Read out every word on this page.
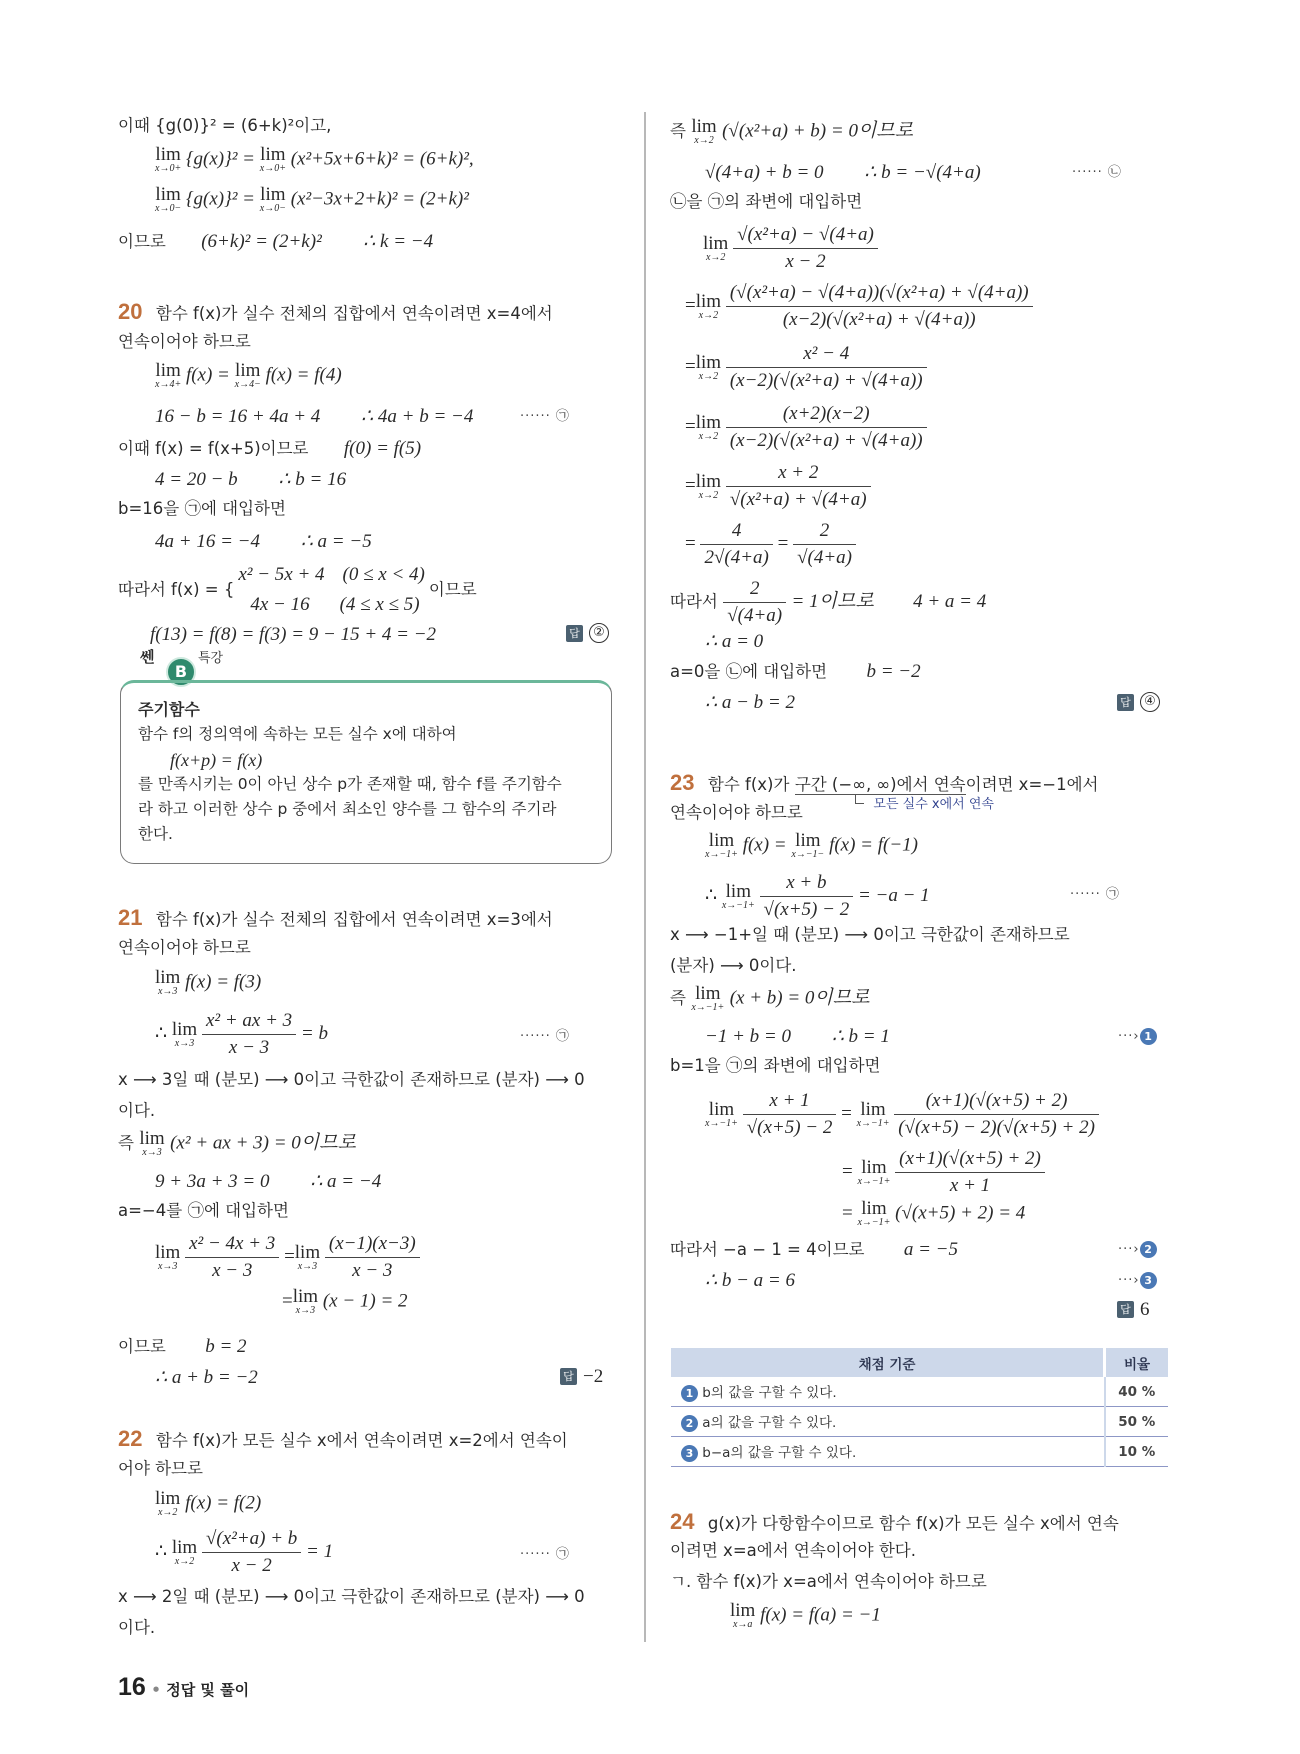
이때 {g(0)}² = (6+k)²이고,
lim
x→0+ {g(x)}² = lim
x→0+ (x²+5x+6+k)² = (6+k)²,
lim
x→0− {g(x)}² = lim
x→0− (x²−3x+2+k)² = (2+k)²
이므로 (6+k)² = (2+k)² ∴ k = −4
20 함수 f(x)가 실수 전체의 집합에서 연속이려면 x=4에서
연속이어야 하므로
lim
x→4+ f(x) = lim
x→4− f(x) = f(4)
16 − b = 16 + 4a + 4 ∴ 4a + b = −4	······ ㉠
이때 f(x) = f(x+5)이므로 f(0) = f(5)
4 = 20 − b ∴ b = 16
b=16을 ㉠에 대입하면
4a + 16 = −4 ∴ a = −5
따라서 f(x) = {
x² − 5x + 4 (0 ≤ x < 4)
4x − 16 (4 ≤ x ≤ 5)
이므로
f(13) = f(8) = f(3) = 9 − 15 + 4 = −2	답	②
쎈
B
특강
주기함수
함수 f의 정의역에 속하는 모든 실수 x에 대하여
f(x+p) = f(x)
를 만족시키는 0이 아닌 상수 p가 존재할 때, 함수 f를 주기함수
라 하고 이러한 상수 p 중에서 최소인 양수를 그 함수의 주기라
한다.
21 함수 f(x)가 실수 전체의 집합에서 연속이려면 x=3에서
연속이어야 하므로
lim
x→3 f(x) = f(3)
∴ lim
x→3
$\frac{\text{x² + ax + 3}}{x - 3} = b$	······ ㉠
x ⟶ 3일 때 (분모) ⟶ 0이고 극한값이 존재하므로 (분자) ⟶ 0
이다.
즉 lim
x→3 (x² + ax + 3) = 0이므로
9 + 3a + 3 = 0 ∴ a = −4
a=−4를 ㉠에 대입하면
lim
x→3
$\frac{\text{x² − 4x + 3}}{x - 3} = \lim$
x→3
$\frac{(x-1)(x-3)}{x - 3}$
= lim
x→3 (x − 1) = 2
이므로 b = 2
∴ a + b = −2	답 −2
22 함수 f(x)가 모든 실수 x에서 연속이려면 x=2에서 연속이
어야 하므로
lim
x→2 f(x) = f(2)
∴ lim
x→2
$\frac{\text{√(x²+a) + b}}{x - 2} = 1$	······ ㉠
x ⟶ 2일 때 (분모) ⟶ 0이고 극한값이 존재하므로 (분자) ⟶ 0
이다.
16 • 정답 및 풀이
즉 lim
x→2 (√(x²+a) + b) = 0이므로
√(4+a) + b = 0 ∴ b = −√(4+a)	······ ㉡
㉡을 ㉠의 좌변에 대입하면
lim
x→2
$\frac{\text{√(x²+a) − √(4+a)}}{x - 2}$
= lim
x→2
$\frac{\text{(√(x²+a) − √(4+a))(√(x²+a) + √(4+a))}}{\text{(x−2)(√(x²+a) + √(4+a))}}$
= lim
x→2
$\frac{\text{x² − 4}}{\text{(x−2)(√(x²+a) + √(4+a))}}$
= lim
x→2
$\frac{(x+2)(x-2)}{\text{(x−2)(√(x²+a) + √(4+a))}}$
= lim
x→2
$\frac{x + 2}{\text{√(x²+a) + √(4+a)}}$
= $\frac{4}{2√(4+a)} = \frac{2}{√(4+a)}$
따라서 $\frac{2}{√(4+a)} = 1$이므로 4 + a = 4
∴ a = 0
a=0을 ㉡에 대입하면 b = −2
∴ a − b = 2	답	④
23 함수 f(x)가 구간 (−∞, ∞)에서 연속이려면 x=−1에서
모든 실수 x에서 연속
연속이어야 하므로
lim
x→−1+ f(x) = lim
x→−1− f(x) = f(−1)
∴ lim
x→−1+
$\frac{x + b}{√(x+5) - 2} = -a - 1$	······ ㉠
x ⟶ −1+일 때 (분모) ⟶ 0이고 극한값이 존재하므로
(분자) ⟶ 0이다.
즉 lim
x→−1+ (x + b) = 0이므로
−1 + b = 0 ∴ b = 1	···› 1
b=1을 ㉠의 좌변에 대입하면
lim
x→−1+
$\frac{x + 1}{√(x+5) - 2} = \lim$
x→−1+
$\frac{(x+1)(√(x+5) + 2)}{(√(x+5) - 2)(√(x+5) + 2)}$
= lim
x→−1+
$\frac{(x+1)(√(x+5) + 2)}{x + 1}$
= lim
x→−1+ (√(x+5) + 2) = 4
따라서 −a − 1 = 4이므로 a = −5	···› 2
∴ b − a = 6	···› 3
답 6
채점 기준	비율
1 b의 값을 구할 수 있다.	40 %
2 a의 값을 구할 수 있다.	50 %
3 b−a의 값을 구할 수 있다.	10 %
24 g(x)가 다항함수이므로 함수 f(x)가 모든 실수 x에서 연속
이려면 x=a에서 연속이어야 한다.
ㄱ. 함수 f(x)가 x=a에서 연속이어야 하므로
lim
x→a f(x) = f(a) = −1
